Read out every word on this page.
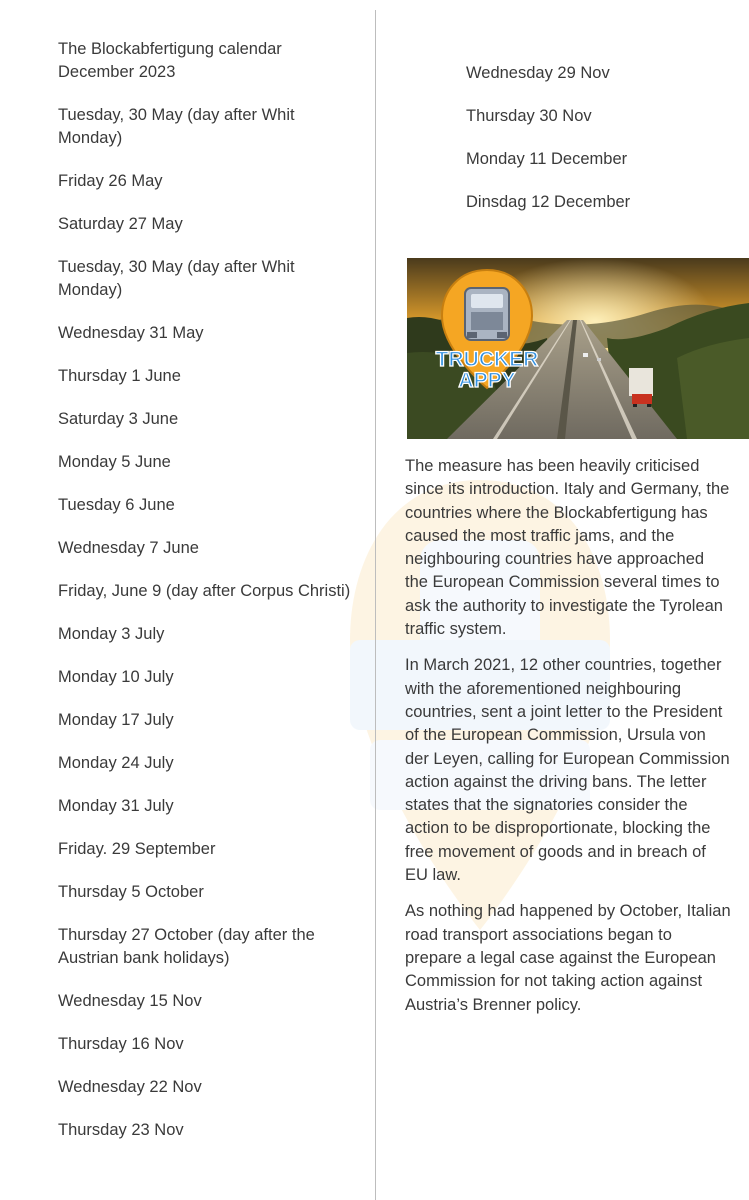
The Blockabfertigung calendar
December 2023
Tuesday, 30 May (day after Whit Monday)
Friday 26 May
Saturday 27 May
Tuesday, 30 May (day after Whit Monday)
Wednesday 31 May
Thursday 1 June
Saturday 3 June
Monday 5 June
Tuesday 6 June
Wednesday 7 June
Friday, June 9 (day after Corpus Christi)
Monday 3 July
Monday 10 July
Monday 17 July
Monday 24 July
Monday 31 July
Friday. 29 September
Thursday 5 October
Thursday 27 October (day after the Austrian bank holidays)
Wednesday 15 Nov
Thursday 16 Nov
Wednesday 22 Nov
Thursday 23 Nov
Wednesday 29 Nov
Thursday 30 Nov
Monday 11 December
Dinsdag 12 December
TRUCKER
APPY

The measure has been heavily criticised
since its introduction. Italy and Germany, the
countries where the Blockabfertigung has
caused the most traffic jams, and the
neighbouring countries have approached
the European Commission several times to
ask the authority to investigate the Tyrolean
traffic system.

In March 2021, 12 other countries, together
with the aforementioned neighbouring
countries, sent a joint letter to the President
of the European Commission, Ursula von
der Leyen, calling for European Commission
action against the driving bans. The letter
states that the signatories consider the
action to be disproportionate, blocking the
free movement of goods and in breach of
EU law.

As nothing had happened by October, Italian
road transport associations began to
prepare a legal case against the European
Commission for not taking action against
Austria’s Brenner policy.
